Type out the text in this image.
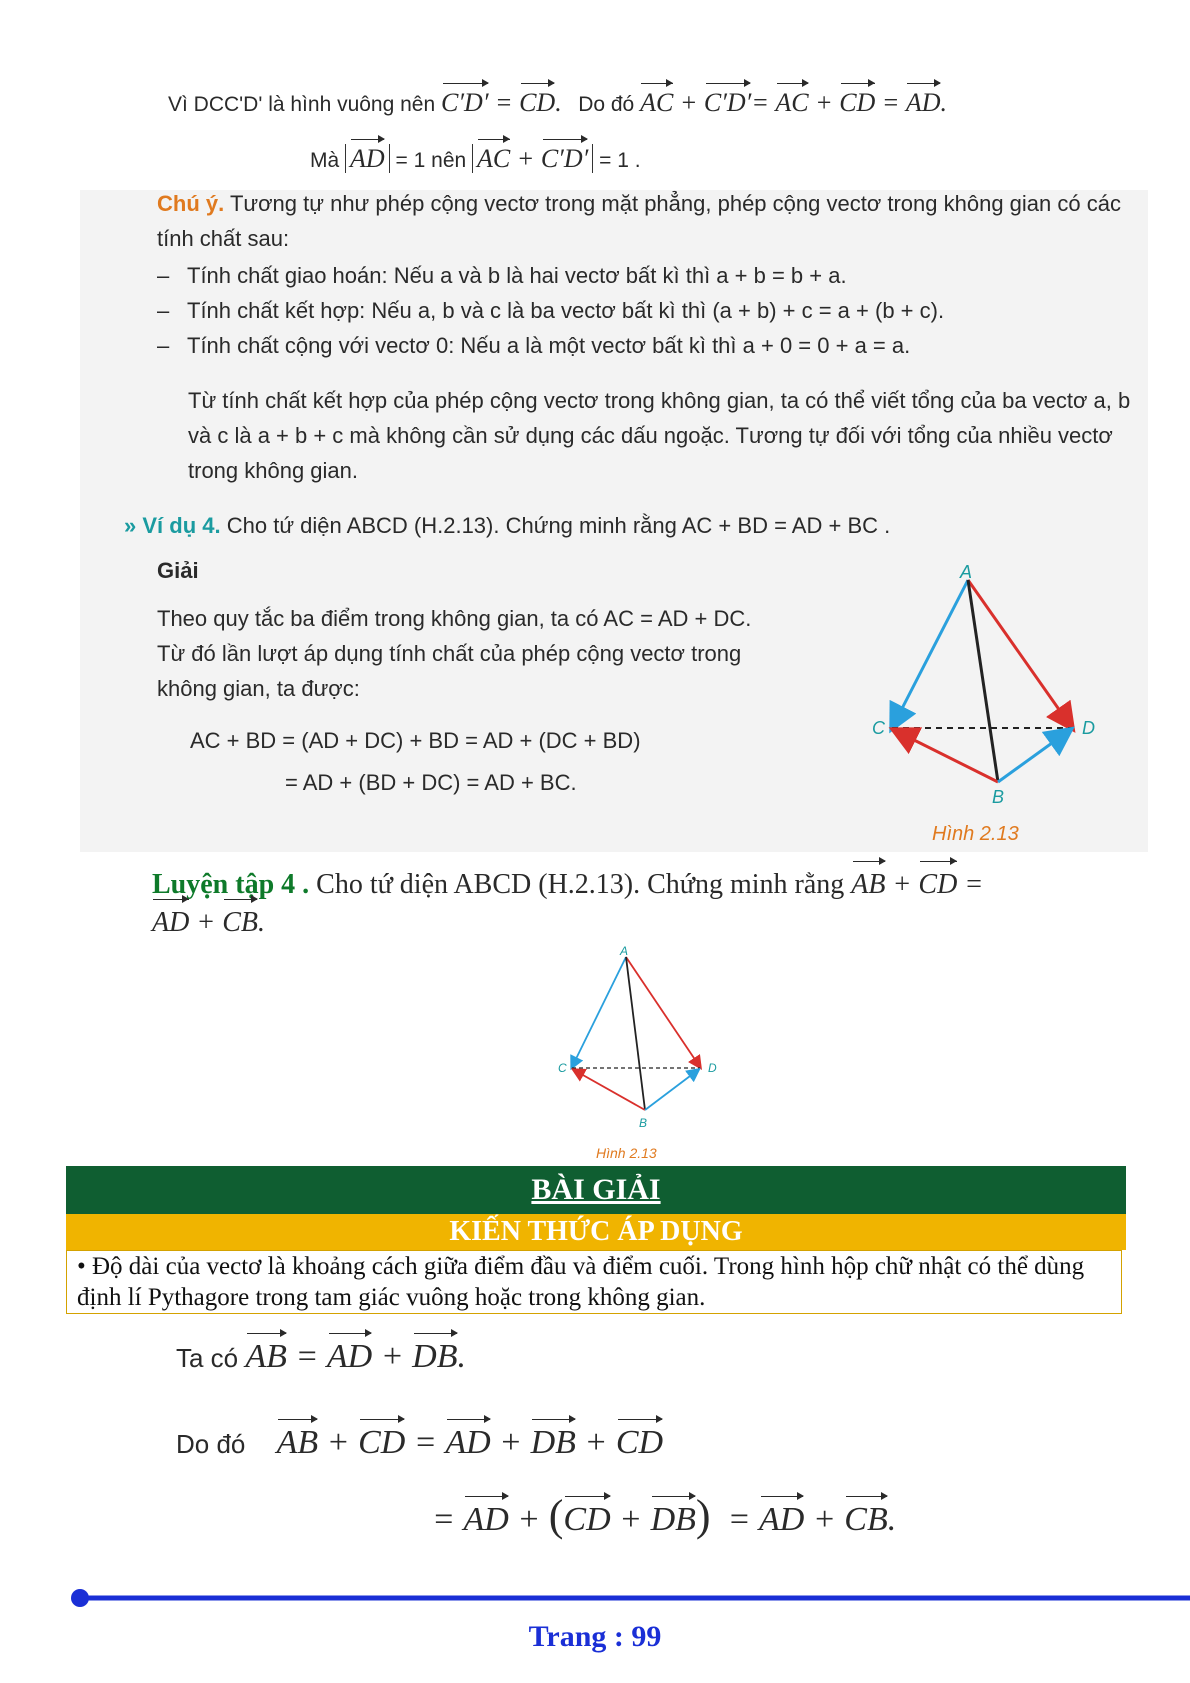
Vì DCC'D' là hình vuông nên C′D′ = CD. Do đó AC + C′D′= AC + CD = AD.
Mà AD = 1 nên AC + C′D′ = 1 .
Chú ý. Tương tự như phép cộng vectơ trong mặt phẳng, phép cộng vectơ trong không gian có các tính chất sau:
– Tính chất giao hoán: Nếu a và b là hai vectơ bất kì thì a + b = b + a.
– Tính chất kết hợp: Nếu a, b và c là ba vectơ bất kì thì (a + b) + c = a + (b + c).
– Tính chất cộng với vectơ 0: Nếu a là một vectơ bất kì thì a + 0 = 0 + a = a.
Từ tính chất kết hợp của phép cộng vectơ trong không gian, ta có thể viết tổng của ba vectơ a, b và c là a + b + c mà không cần sử dụng các dấu ngoặc. Tương tự đối với tổng của nhiều vectơ trong không gian.
» Ví dụ 4. Cho tứ diện ABCD (H.2.13). Chứng minh rằng AC + BD = AD + BC .
Giải
Theo quy tắc ba điểm trong không gian, ta có AC = AD + DC.
Từ đó lần lượt áp dụng tính chất của phép cộng vectơ trong
không gian, ta được:
AC + BD = (AD + DC) + BD = AD + (DC + BD)
= AD + (BD + DC) = AD + BC.
A
C	D
B
Hình 2.13
Luyện tập 4 . Cho tứ diện ABCD (H.2.13). Chứng minh rằng AB + CD =
AD + CB.
A
C	D
B
Hình 2.13
BÀI GIẢI
KIẾN THỨC ÁP DỤNG
• Độ dài của vectơ là khoảng cách giữa điểm đầu và điểm cuối. Trong hình hộp chữ nhật có thể dùng định lí Pythagore trong tam giác vuông hoặc trong không gian.
Ta có AB = AD + DB.
Do đó AB + CD = AD + DB + CD
= AD + (CD + DB)  = AD + CB.
Trang : 99
